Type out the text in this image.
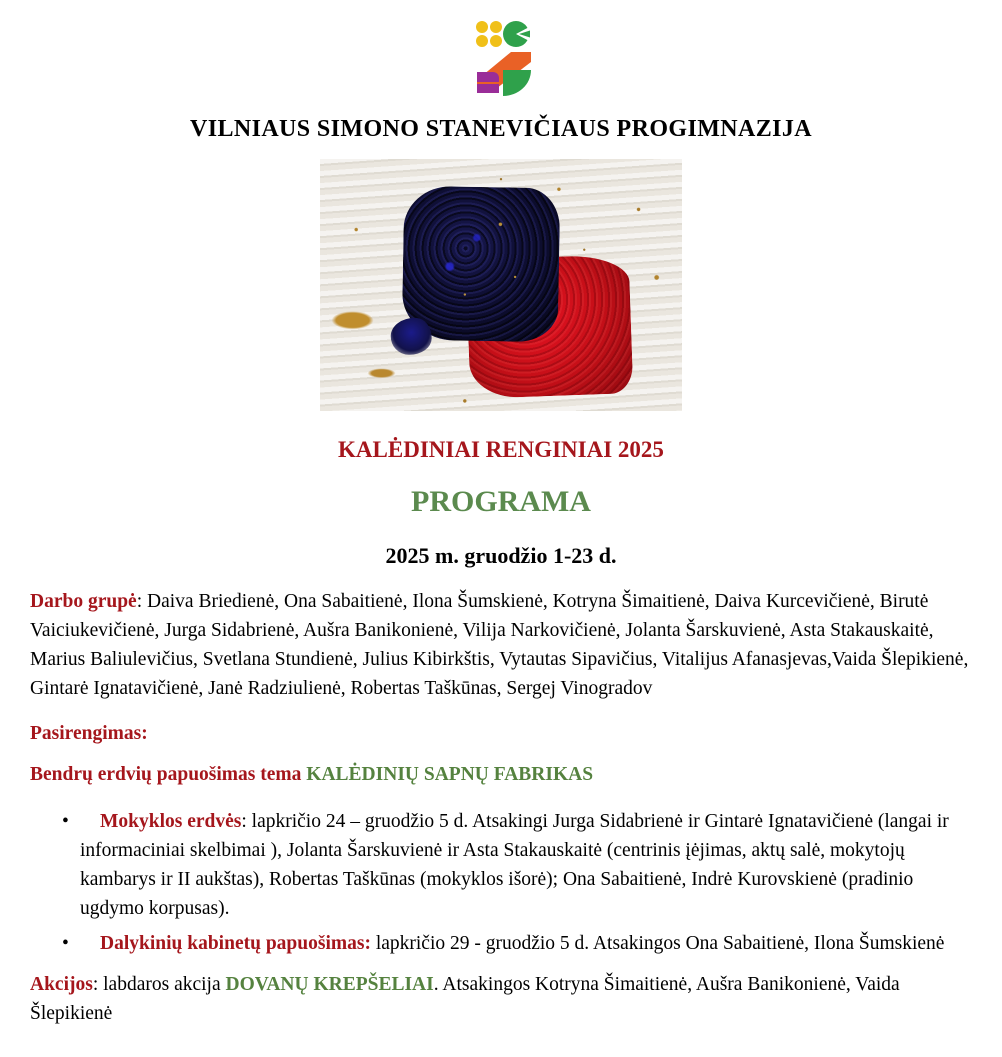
VILNIAUS SIMONO STANEVIČIAUS PROGIMNAZIJA
KALĖDINIAI RENGINIAI 2025
PROGRAMA
2025 m. gruodžio 1-23 d.

Darbo grupė: Daiva Briedienė, Ona Sabaitienė, Ilona Šumskienė, Kotryna Šimaitienė, Daiva Kurcevičienė, Birutė Vaiciukevičienė, Jurga Sidabrienė, Aušra Banikonienė, Vilija Narkovičienė, Jolanta Šarskuvienė, Asta Stakauskaitė, Marius Baliulevičius, Svetlana Stundienė, Julius Kibirkštis, Vytautas Sipavičius, Vitalijus Afanasjevas,Vaida Šlepikienė, Gintarė Ignatavičienė, Janė Radziulienė, Robertas Taškūnas, Sergej Vinogradov

Pasirengimas:

Bendrų erdvių papuošimas tema KALĖDINIŲ SAPNŲ FABRIKAS

• Mokyklos erdvės: lapkričio 24 – gruodžio 5 d. Atsakingi Jurga Sidabrienė ir Gintarė Ignatavičienė (langai ir informaciniai skelbimai ), Jolanta Šarskuvienė ir Asta Stakauskaitė (centrinis įėjimas, aktų salė, mokytojų kambarys ir II aukštas), Robertas Taškūnas (mokyklos išorė); Ona Sabaitienė, Indrė Kurovskienė (pradinio ugdymo korpusas).
• Dalykinių kabinetų papuošimas: lapkričio 29 - gruodžio 5 d. Atsakingos Ona Sabaitienė, Ilona Šumskienė

Akcijos: labdaros akcija DOVANŲ KREPŠELIAI. Atsakingos Kotryna Šimaitienė, Aušra Banikonienė, Vaida Šlepikienė
